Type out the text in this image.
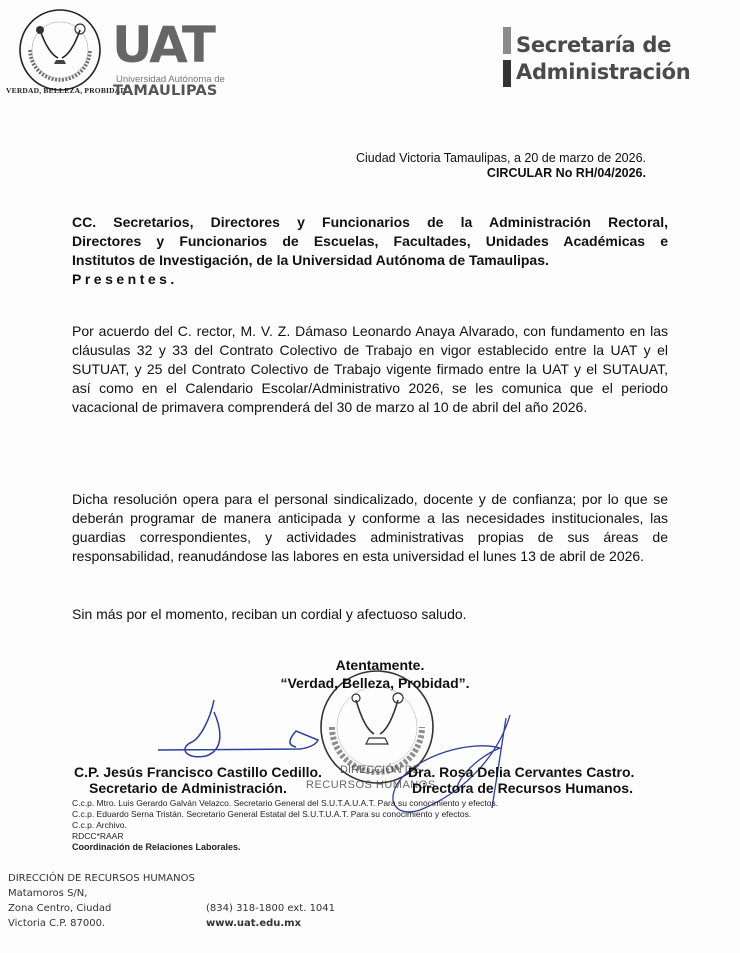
VERDAD, BELLEZA, PROBIDAD
UAT
Universidad Autónoma de
TAMAULIPAS
Secretaría de
Administración
Ciudad Victoria Tamaulipas, a 20 de marzo de 2026.
CIRCULAR No RH/04/2026.
CC. Secretarios, Directores y Funcionarios de la Administración Rectoral,
Directores y Funcionarios de Escuelas, Facultades, Unidades Académicas e
Institutos de Investigación, de la Universidad Autónoma de Tamaulipas.
Presentes.
Por acuerdo del C. rector, M. V. Z. Dámaso Leonardo Anaya Alvarado, con fundamento en las cláusulas 32 y 33 del Contrato Colectivo de Trabajo en vigor establecido entre la UAT y el SUTUAT, y 25 del Contrato Colectivo de Trabajo vigente firmado entre la UAT y el SUTAUAT, así como en el Calendario Escolar/Administrativo 2026, se les comunica que el periodo vacacional de primavera comprenderá del 30 de marzo al 10 de abril del año 2026.
Dicha resolución opera para el personal sindicalizado, docente y de confianza; por lo que se deberán programar de manera anticipada y conforme a las necesidades institucionales, las guardias correspondientes, y actividades administrativas propias de sus áreas de responsabilidad, reanudándose las labores en esta universidad el lunes 13 de abril de 2026.
Sin más por el momento, reciban un cordial y afectuoso saludo.
Atentamente.
“Verdad, Belleza, Probidad”.
DIRECCIÓN DE
RECURSOS HUMANOS
C.P. Jesús Francisco Castillo Cedillo.
Secretario de Administración.
Dra. Rosa Delia Cervantes Castro.
Directora de Recursos Humanos.
C.c.p. Mtro. Luis Gerardo Galván Velazco. Secretario General del S.U.T.A.U.A.T. Para su conocimiento y efectos.
C.c.p. Eduardo Serna Tristán. Secretario General Estatal del S.U.T.U.A.T. Para su conocimiento y efectos.
C.c.p. Archivo.
RDCC*RAAR
Coordinación de Relaciones Laborales.
DIRECCIÓN DE RECURSOS HUMANOS
Matamoros S/N,
Zona Centro, Ciudad
Victoria C.P. 87000.
(834) 318-1800 ext. 1041
www.uat.edu.mx
